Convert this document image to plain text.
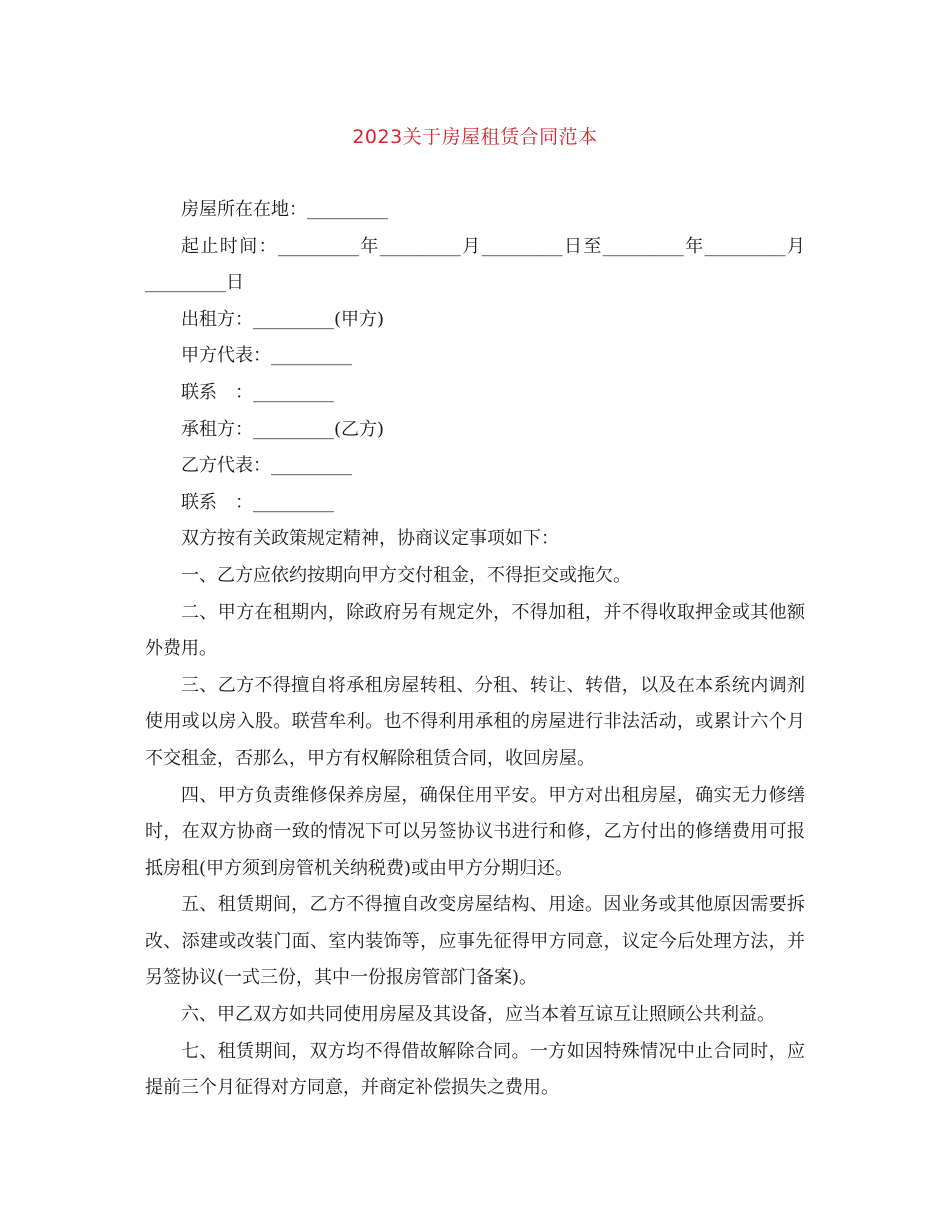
2023关于房屋租赁合同范本

房屋所在在地：_________

起止时间：_________年_________月_________日至_________年_________月_________日

出租方：_________(甲方)

甲方代表：_________

联系　：_________

承租方：_________(乙方)

乙方代表：_________

联系　：_________

双方按有关政策规定精神，协商议定事项如下：

一、乙方应依约按期向甲方交付租金，不得拒交或拖欠。

二、甲方在租期内，除政府另有规定外，不得加租，并不得收取押金或其他额外费用。

三、乙方不得擅自将承租房屋转租、分租、转让、转借，以及在本系统内调剂使用或以房入股。联营牟利。也不得利用承租的房屋进行非法活动，或累计六个月不交租金，否那么，甲方有权解除租赁合同，收回房屋。

四、甲方负责维修保养房屋，确保住用平安。甲方对出租房屋，确实无力修缮时，在双方协商一致的情况下可以另签协议书进行和修，乙方付出的修缮费用可报抵房租(甲方须到房管机关纳税费)或由甲方分期归还。

五、租赁期间，乙方不得擅自改变房屋结构、用途。因业务或其他原因需要拆改、添建或改装门面、室内装饰等，应事先征得甲方同意，议定今后处理方法，并另签协议(一式三份，其中一份报房管部门备案)。

六、甲乙双方如共同使用房屋及其设备，应当本着互谅互让照顾公共利益。

七、租赁期间，双方均不得借故解除合同。一方如因特殊情况中止合同时，应提前三个月征得对方同意，并商定补偿损失之费用。
